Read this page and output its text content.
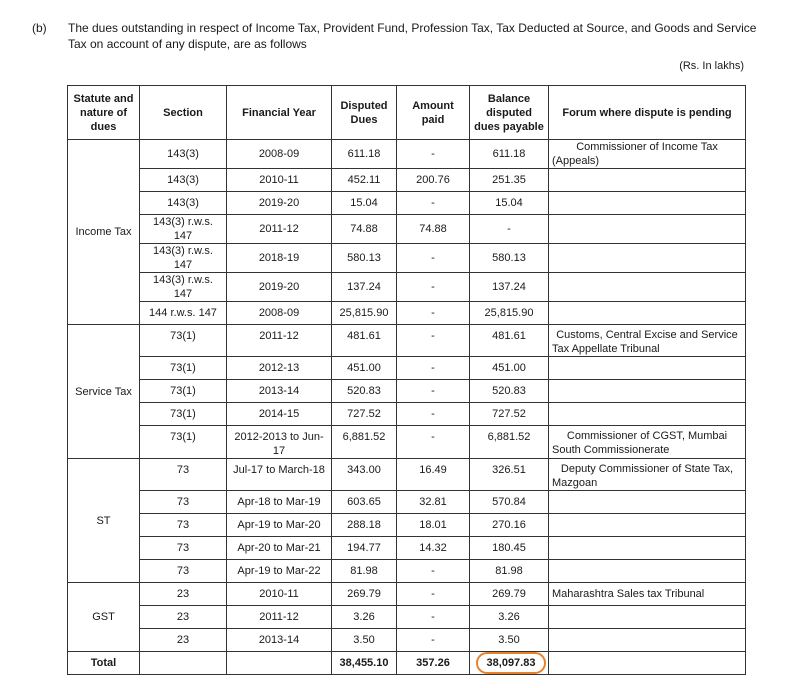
(b) The dues outstanding in respect of Income Tax, Provident Fund, Profession Tax, Tax Deducted at Source, and Goods and Service Tax on account of any dispute, are as follows
(Rs. In lakhs)
Statute and nature of dues	Section	Financial Year	Disputed Dues	Amount paid	Balance disputed dues payable	Forum where dispute is pending
Income Tax	143(3)	2008-09	611.18	-	611.18	Commissioner of Income Tax (Appeals)
	143(3)	2010-11	452.11	200.76	251.35	
	143(3)	2019-20	15.04	-	15.04	
	143(3) r.w.s. 147	2011-12	74.88	74.88	-	
	143(3) r.w.s. 147	2018-19	580.13	-	580.13	
	143(3) r.w.s. 147	2019-20	137.24	-	137.24	
	144 r.w.s. 147	2008-09	25,815.90	-	25,815.90	
Service Tax	73(1)	2011-12	481.61	-	481.61	Customs, Central Excise and Service Tax Appellate Tribunal
	73(1)	2012-13	451.00	-	451.00	
	73(1)	2013-14	520.83	-	520.83	
	73(1)	2014-15	727.52	-	727.52	
	73(1)	2012-2013 to Jun-17	6,881.52	-	6,881.52	Commissioner of CGST, Mumbai South Commissionerate
ST	73	Jul-17 to March-18	343.00	16.49	326.51	Deputy Commissioner of State Tax, Mazgoan
	73	Apr-18 to Mar-19	603.65	32.81	570.84	
	73	Apr-19 to Mar-20	288.18	18.01	270.16	
	73	Apr-20 to Mar-21	194.77	14.32	180.45	
	73	Apr-19 to Mar-22	81.98	-	81.98	
GST	23	2010-11	269.79	-	269.79	Maharashtra Sales tax Tribunal
	23	2011-12	3.26	-	3.26	
	23	2013-14	3.50	-	3.50	
Total			38,455.10	357.26	38,097.83	
